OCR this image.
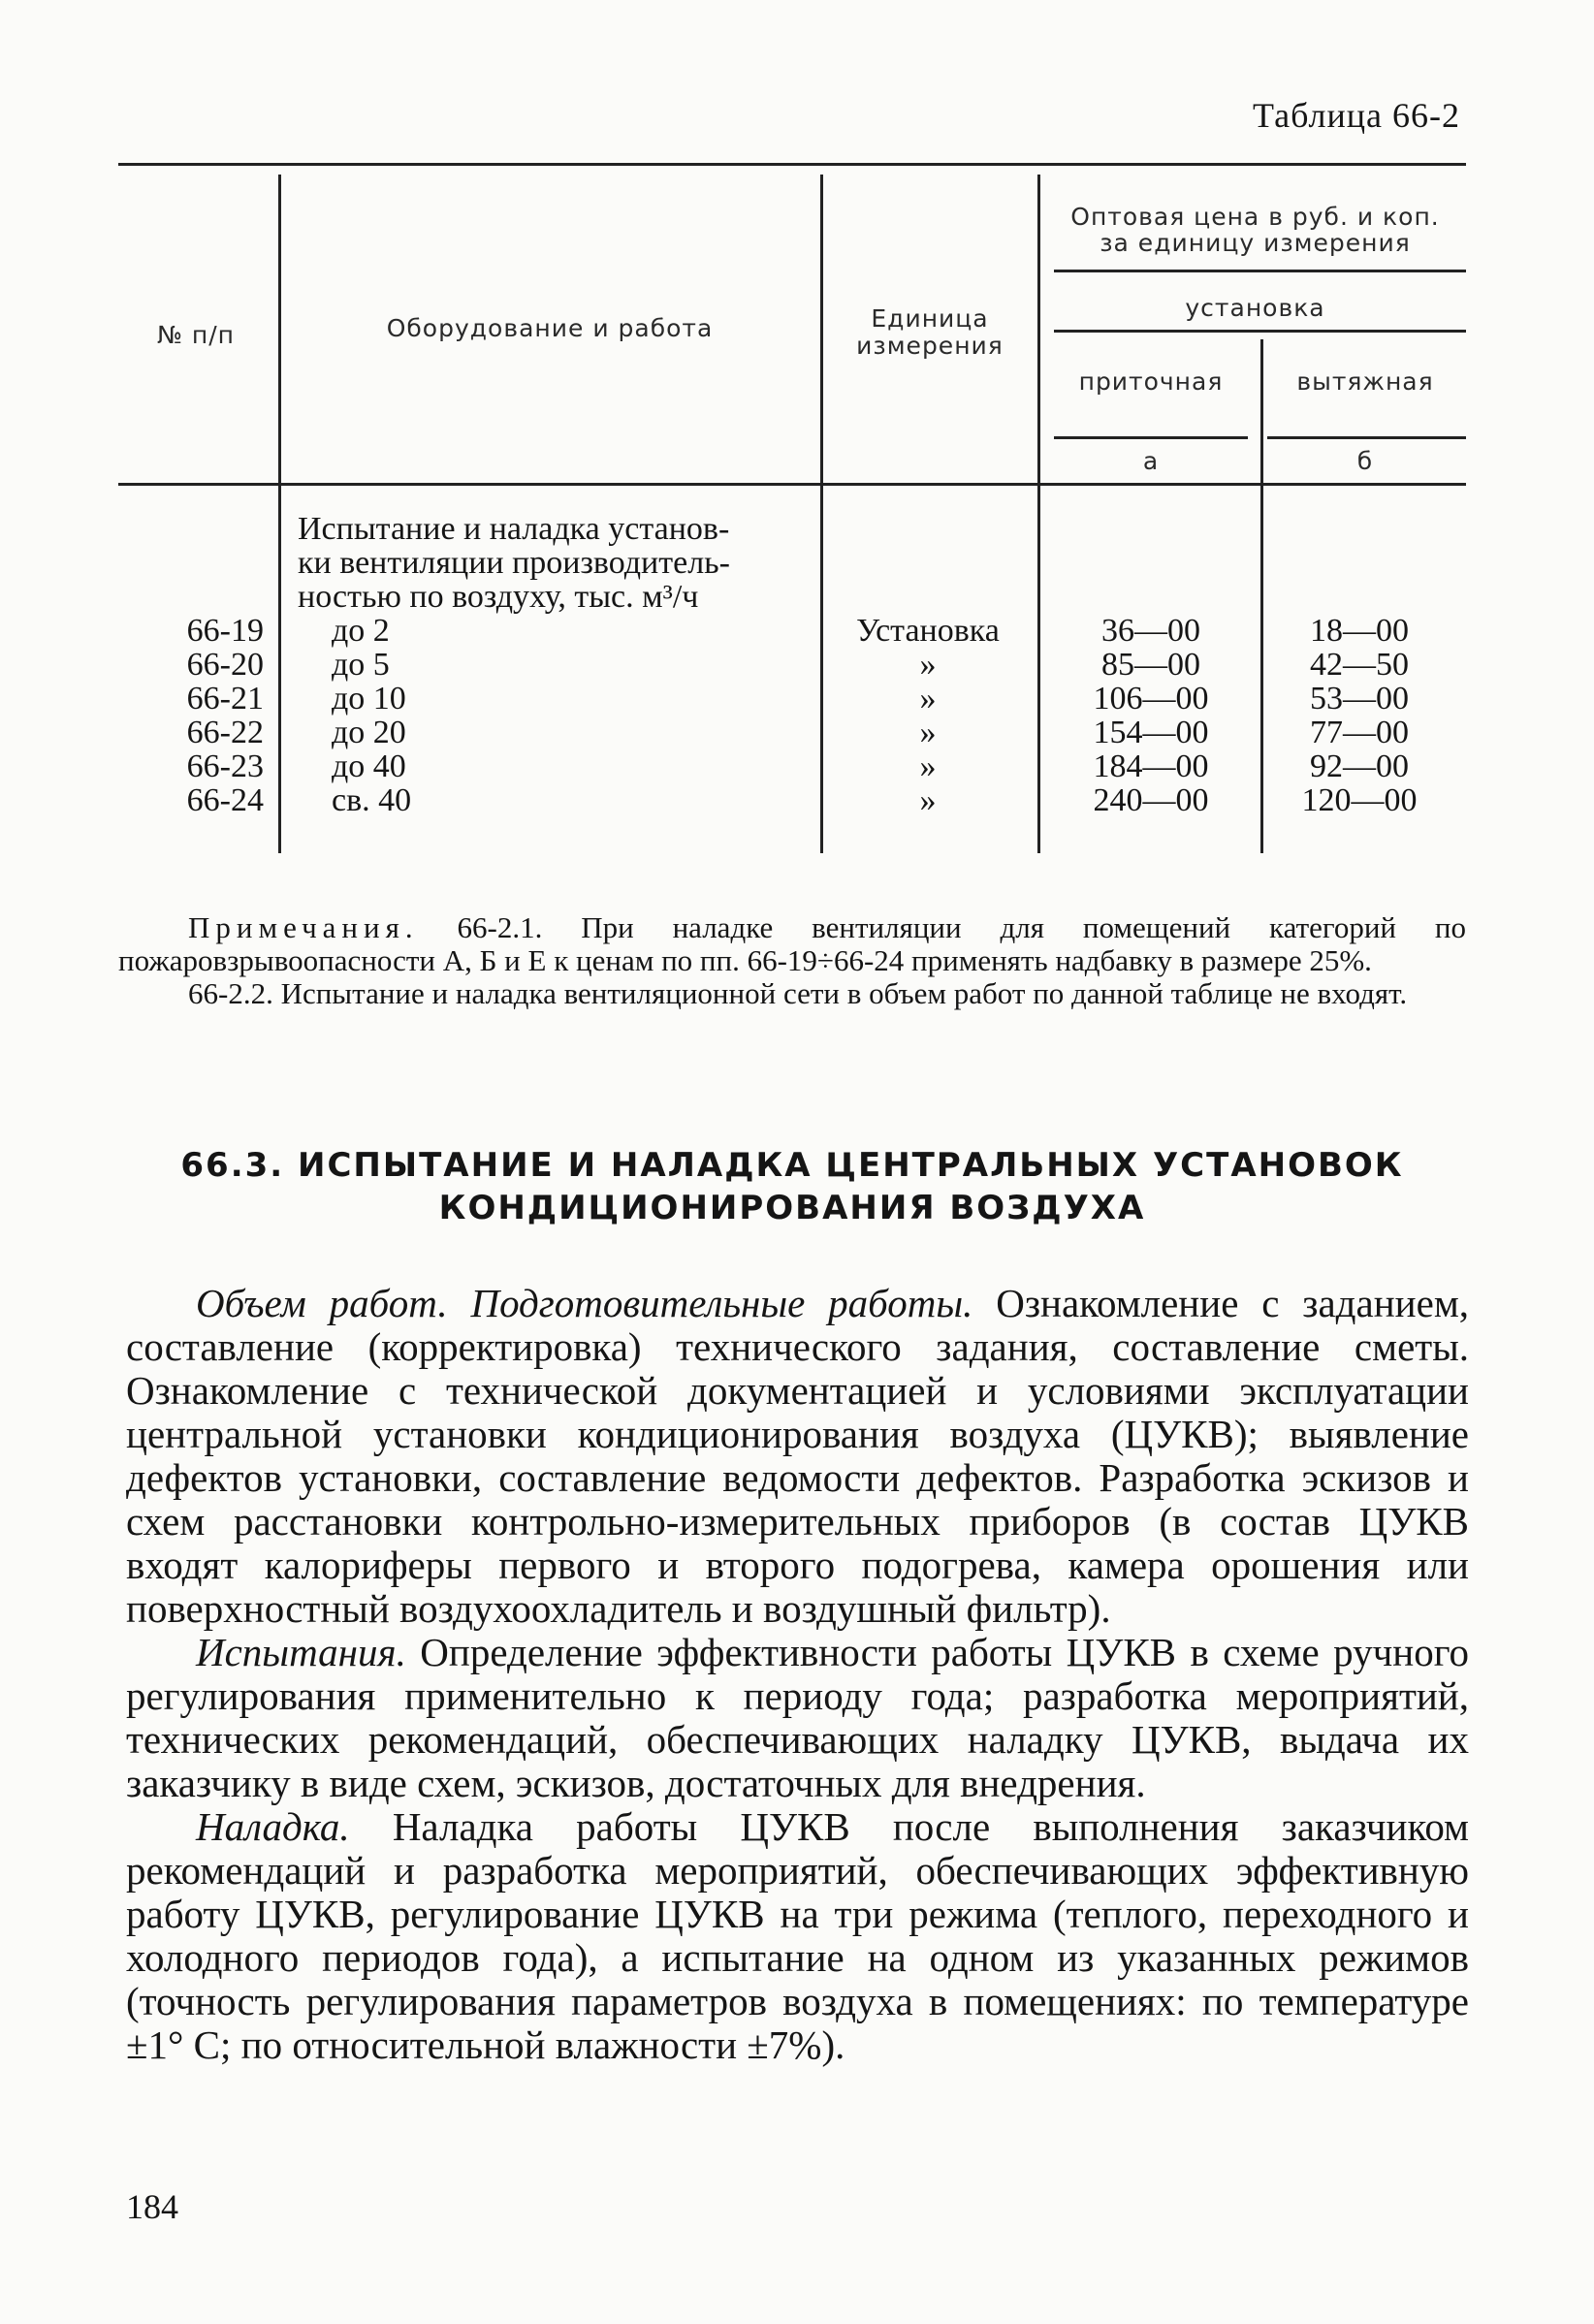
Таблица 66-2
№ п/п	Оборудование и работа	Единица
измерения
Оптовая цена в руб. и коп.
за единицу измерения
установка
приточная	вытяжная
а	б
Испытание и наладка установ-
ки вентиляции производитель-
ностью по воздуху, тыс. м³/ч
66-19 до 2	Установка	36—00	18—00
66-20 до 5	»	85—00	42—50
66-21 до 10	»	106—00	53—00
66-22 до 20	»	154—00	77—00
66-23 до 40	»	184—00	92—00
66-24 св. 40	»	240—00	120—00

Примечания. 66-2.1. При наладке вентиляции для помещений категорий по пожаровзрывоопасности А, Б и Е к ценам по пп. 66-19÷66-24 применять надбавку в размере 25%.

66-2.2. Испытание и наладка вентиляционной сети в объем работ по данной таблице не входят.

66.3. ИСПЫТАНИЕ И НАЛАДКА ЦЕНТРАЛЬНЫХ УСТАНОВОК
КОНДИЦИОНИРОВАНИЯ ВОЗДУХА

Объем работ. Подготовительные работы. Ознакомление с заданием, составление (корректировка) технического задания, составление сметы. Ознакомление с технической документацией и условиями эксплуатации центральной установки кондиционирования воздуха (ЦУКВ); выявление дефектов установки, составление ведомости дефектов. Разработка эскизов и схем расстановки контрольно-измерительных приборов (в состав ЦУКВ входят калориферы первого и второго подогрева, камера орошения или поверхностный воздухоохладитель и воздушный фильтр).

Испытания. Определение эффективности работы ЦУКВ в схеме ручного регулирования применительно к периоду года; разработка мероприятий, технических рекомендаций, обеспечивающих наладку ЦУКВ, выдача их заказчику в виде схем, эскизов, достаточных для внедрения.

Наладка. Наладка работы ЦУКВ после выполнения заказчиком рекомендаций и разработка мероприятий, обеспечивающих эффективную работу ЦУКВ, регулирование ЦУКВ на три режима (теплого, переходного и холодного периодов года), а испытание на одном из указанных режимов (точность регулирования параметров воздуха в помещениях: по температуре ±1° С; по относительной влажности ±7%).

184
